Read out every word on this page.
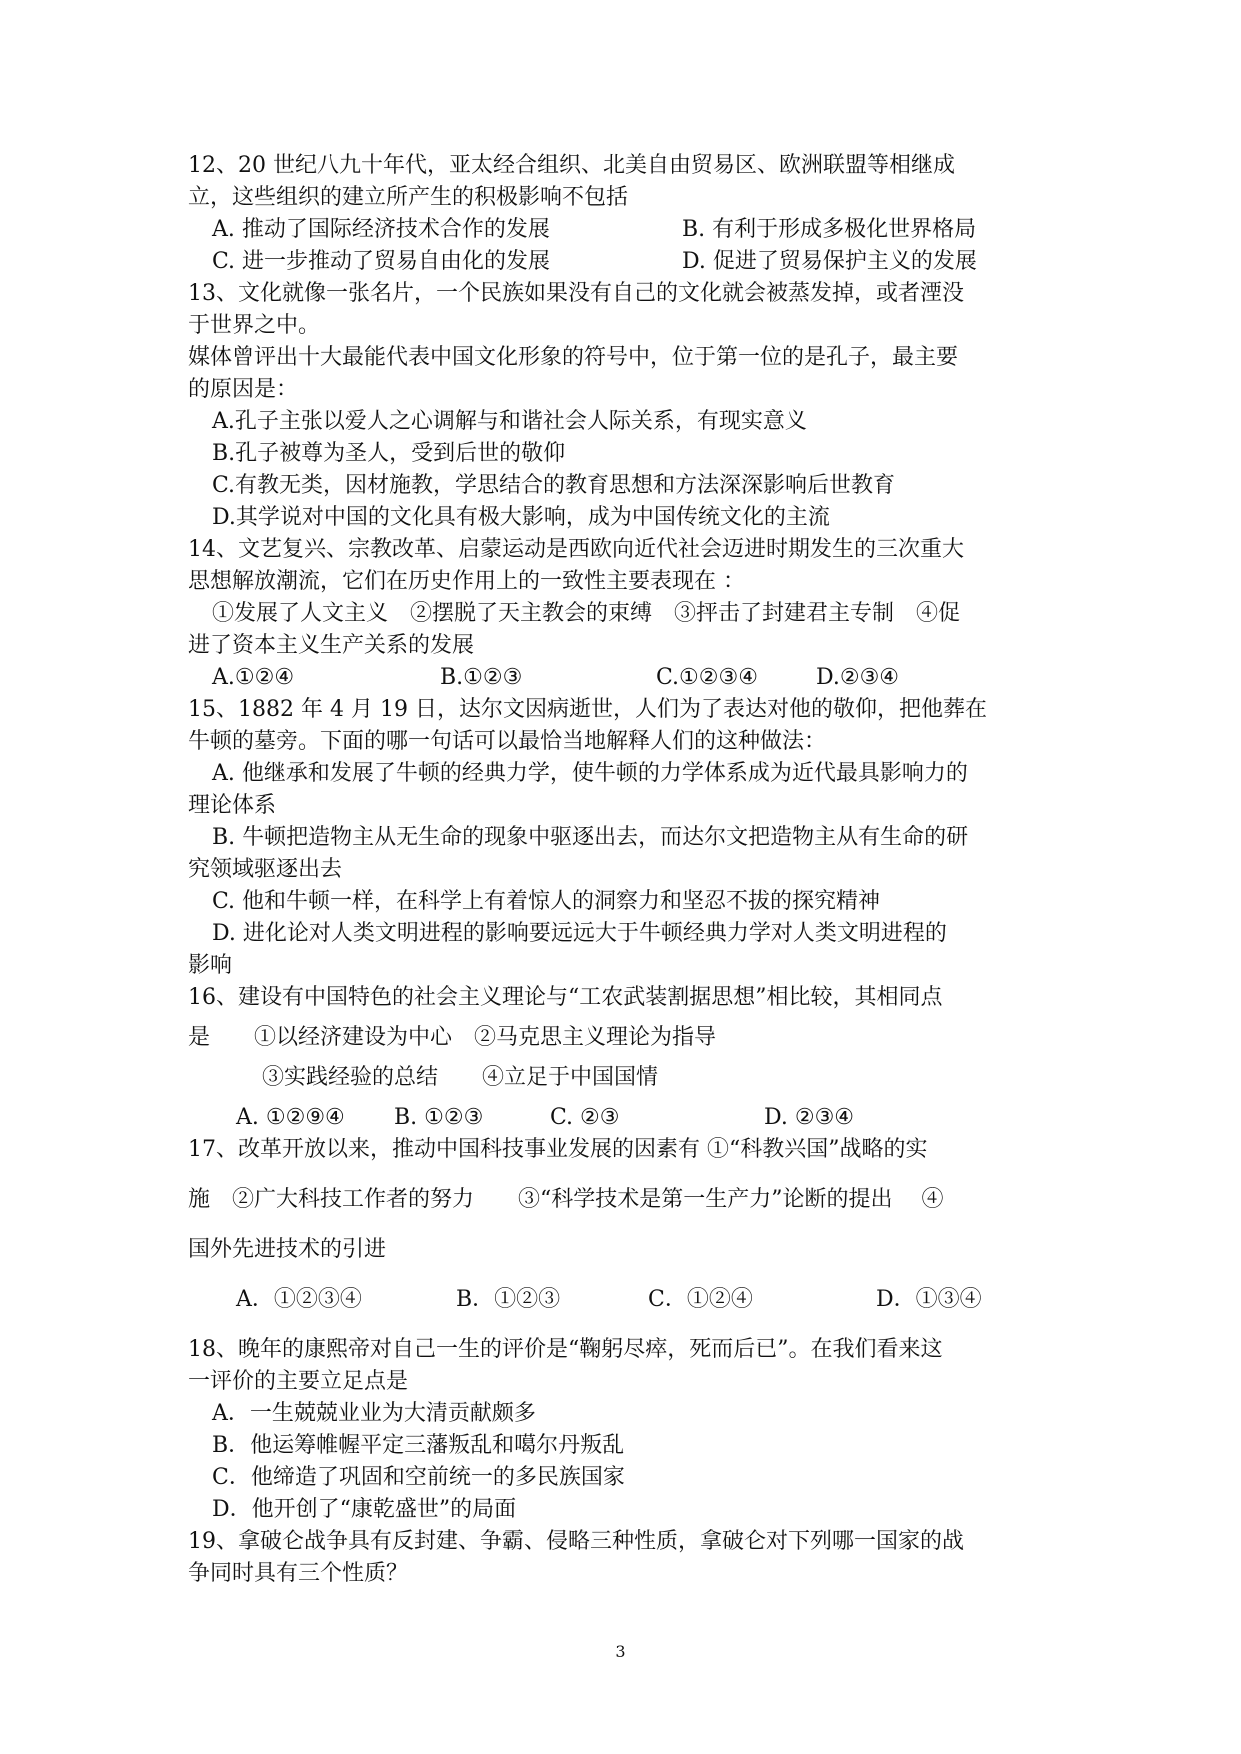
12、20 世纪八九十年代，亚太经合组织、北美自由贸易区、欧洲联盟等相继成
立，这些组织的建立所产生的积极影响不包括
A. 推动了国际经济技术合作的发展	B. 有利于形成多极化世界格局
C. 进一步推动了贸易自由化的发展	D. 促进了贸易保护主义的发展
13、文化就像一张名片，一个民族如果没有自己的文化就会被蒸发掉，或者湮没
于世界之中。
媒体曾评出十大最能代表中国文化形象的符号中，位于第一位的是孔子，最主要
的原因是：
A.孔子主张以爱人之心调解与和谐社会人际关系，有现实意义
B.孔子被尊为圣人，受到后世的敬仰
C.有教无类，因材施教，学思结合的教育思想和方法深深影响后世教育
D.其学说对中国的文化具有极大影响，成为中国传统文化的主流
14、文艺复兴、宗教改革、启蒙运动是西欧向近代社会迈进时期发生的三次重大
思想解放潮流，它们在历史作用上的一致性主要表现在 ：
①发展了人文主义　②摆脱了天主教会的束缚　③抨击了封建君主专制　④促
进了资本主义生产关系的发展
A.①②④	B.①②③	C.①②③④	D.②③④
15、1882 年 4 月 19 日，达尔文因病逝世，人们为了表达对他的敬仰，把他葬在
牛顿的墓旁。下面的哪一句话可以最恰当地解释人们的这种做法：
A. 他继承和发展了牛顿的经典力学，使牛顿的力学体系成为近代最具影响力的
理论体系
B. 牛顿把造物主从无生命的现象中驱逐出去，而达尔文把造物主从有生命的研
究领域驱逐出去
C. 他和牛顿一样，在科学上有着惊人的洞察力和坚忍不拔的探究精神
D. 进化论对人类文明进程的影响要远远大于牛顿经典力学对人类文明进程的
影响
16、建设有中国特色的社会主义理论与“工农武装割据思想”相比较，其相同点
是　　①以经济建设为中心　②马克思主义理论为指导
③实践经验的总结　　④立足于中国国情
A. ①②⑨④	B. ①②③	C. ②③	D. ②③④
17、改革开放以来，推动中国科技事业发展的因素有 ①“科教兴国”战略的实
施　②广大科技工作者的努力　　③“科学技术是第一生产力”论断的提出　 ④
国外先进技术的引进
A．①②③④	B．①②③	C．①②④	D．①③④
18、晚年的康熙帝对自己一生的评价是“鞠躬尽瘁，死而后已”。在我们看来这
一评价的主要立足点是
A．一生兢兢业业为大清贡献颇多
B．他运筹帷幄平定三藩叛乱和噶尔丹叛乱
C．他缔造了巩固和空前统一的多民族国家
D．他开创了“康乾盛世”的局面
19、拿破仑战争具有反封建、争霸、侵略三种性质，拿破仑对下列哪一国家的战
争同时具有三个性质？
3
